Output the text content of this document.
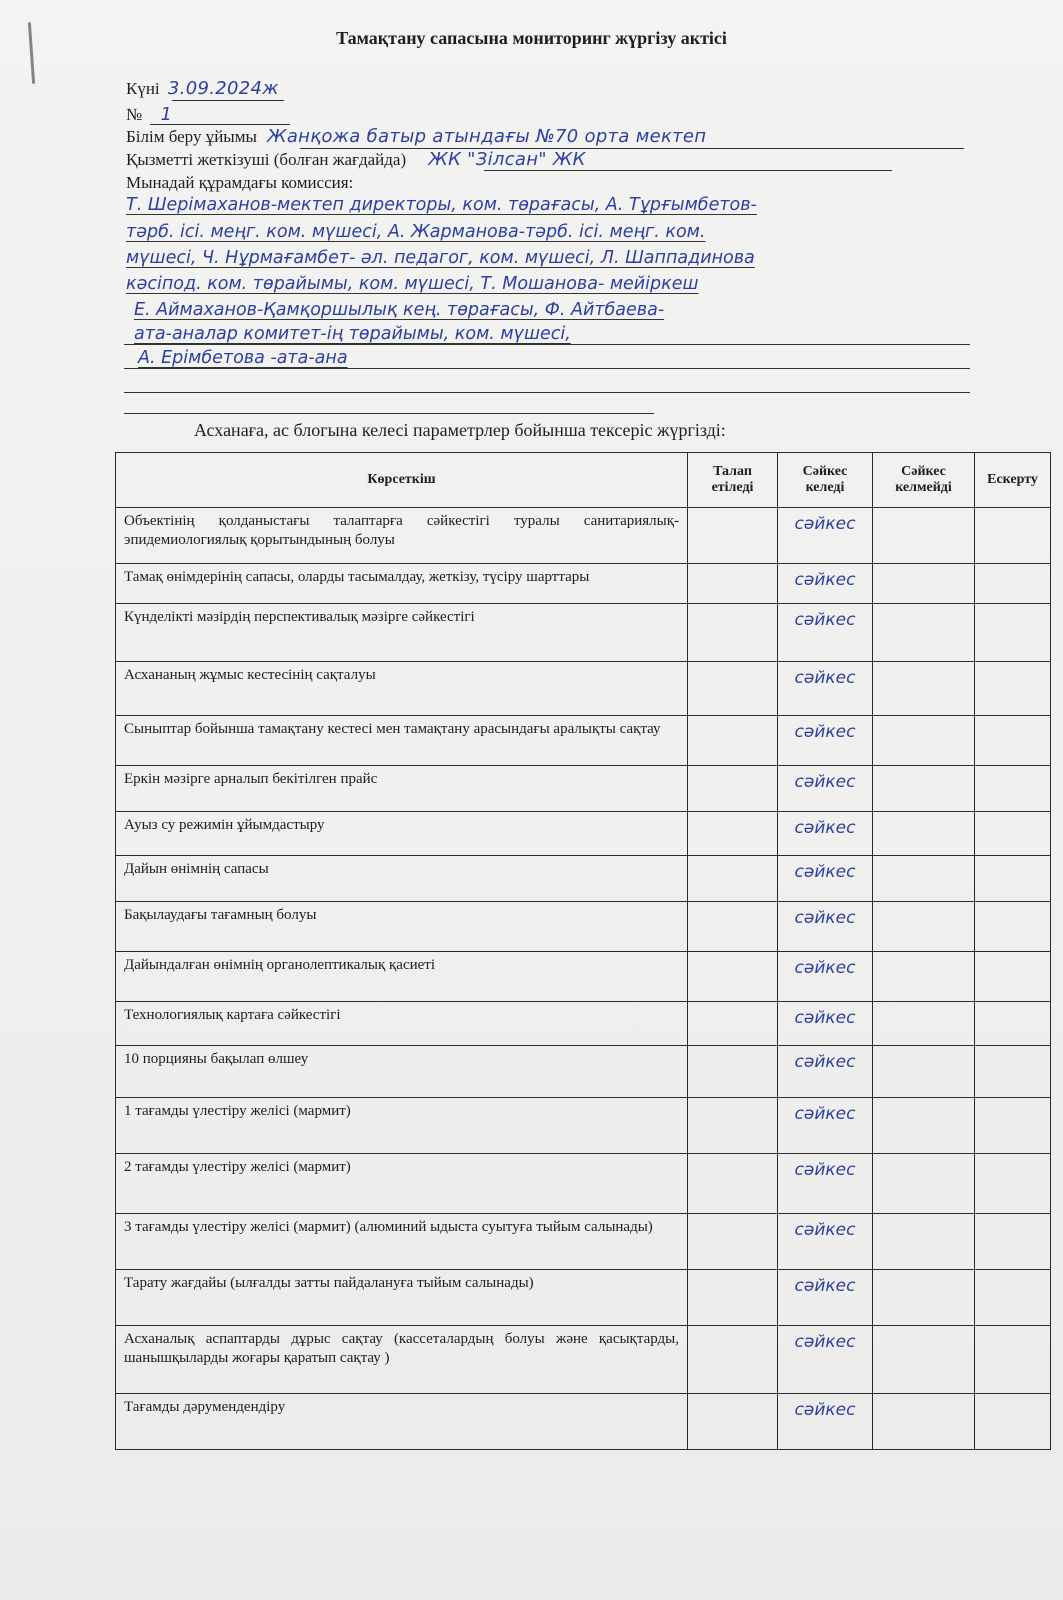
Тамақтану сапасына мониторинг жүргізу актісі
Күні 3.09.2024ж
№ 1
Білім беру ұйымы Жанқожа батыр атындағы №70 орта мектеп
Қызметті жеткізуші (болған жағдайда) ЖК "Зілсан" ЖК
Мынадай құрамдағы комиссия:
Т. Шерімаханов-мектеп директоры, ком. төрағасы, А. Тұрғымбетов-
тәрб. ісі. меңг. ком. мүшесі, А. Жарманова-тәрб. ісі. меңг. ком.
мүшесі, Ч. Нұрмағамбет- әл. педагог, ком. мүшесі, Л. Шаппадинова
кәсіпод. ком. төрайымы, ком. мүшесі, Т. Мошанова- мейіркеш
Е. Аймаханов-Қамқоршылық кең. төрағасы, Ф. Айтбаева-
ата-аналар комитет-ің төрайымы, ком. мүшесі,
А. Ерімбетова -ата-ана
Асханаға, ас блогына келесі параметрлер бойынша тексеріс жүргізді:
Көрсеткіш	Талап етіледі	Сәйкес келеді	Сәйкес келмейді	Ескерту
Объектінің қолданыстағы талаптарға сәйкестігі туралы санитариялық-эпидемиологиялық қорытындының болуы		сәйкес		
Тамақ өнімдерінің сапасы, оларды тасымалдау, жеткізу, түсіру шарттары		сәйкес		
Күнделікті мәзірдің перспективалық мәзірге сәйкестігі		сәйкес		
Асхананың жұмыс кестесінің сақталуы		сәйкес		
Сыныптар бойынша тамақтану кестесі мен тамақтану арасындағы аралықты сақтау		сәйкес		
Еркін мәзірге арналып бекітілген прайс		сәйкес		
Ауыз су режимін ұйымдастыру		сәйкес		
Дайын өнімнің сапасы		сәйкес		
Бақылаудағы тағамның болуы		сәйкес		
Дайындалған өнімнің органолептикалық қасиеті		сәйкес		
Технологиялық картаға сәйкестігі		сәйкес		
10 порцияны бақылап өлшеу		сәйкес		
1 тағамды үлестіру желісі (мармит)		сәйкес		
2 тағамды үлестіру желісі (мармит)		сәйкес		
3 тағамды үлестіру желісі (мармит) (алюминий ыдыста суытуға тыйым салынады)		сәйкес		
Тарату жағдайы (ылғалды затты пайдалануға тыйым салынады)		сәйкес		
Асханалық аспаптарды дұрыс сақтау (кассеталардың болуы және қасықтарды, шанышқыларды жоғары қаратып сақтау )		сәйкес		
Тағамды дәрумендендіру		сәйкес		
